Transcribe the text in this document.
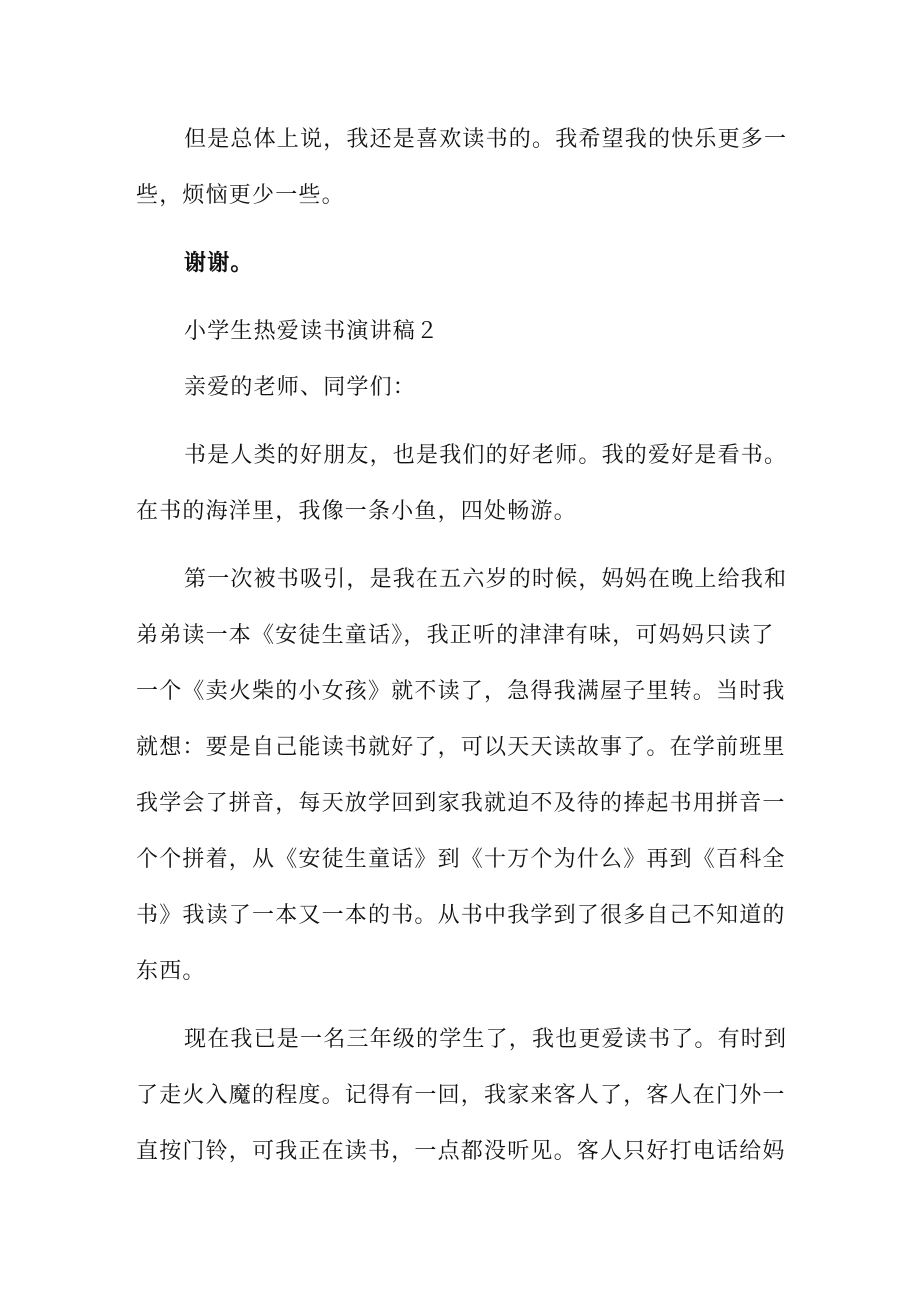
但是总体上说，我还是喜欢读书的。我希望我的快乐更多一
些，烦恼更少一些。
谢谢。
小学生热爱读书演讲稿２
亲爱的老师、同学们：
书是人类的好朋友，也是我们的好老师。我的爱好是看书。
在书的海洋里，我像一条小鱼，四处畅游。
第一次被书吸引，是我在五六岁的时候，妈妈在晚上给我和
弟弟读一本《安徒生童话》，我正听的津津有味，可妈妈只读了
一个《卖火柴的小女孩》就不读了，急得我满屋子里转。当时我
就想：要是自己能读书就好了，可以天天读故事了。在学前班里
我学会了拼音，每天放学回到家我就迫不及待的捧起书用拼音一
个个拼着，从《安徒生童话》到《十万个为什么》再到《百科全
书》我读了一本又一本的书。从书中我学到了很多自己不知道的
东西。
现在我已是一名三年级的学生了，我也更爱读书了。有时到
了走火入魔的程度。记得有一回，我家来客人了，客人在门外一
直按门铃，可我正在读书，一点都没听见。客人只好打电话给妈
